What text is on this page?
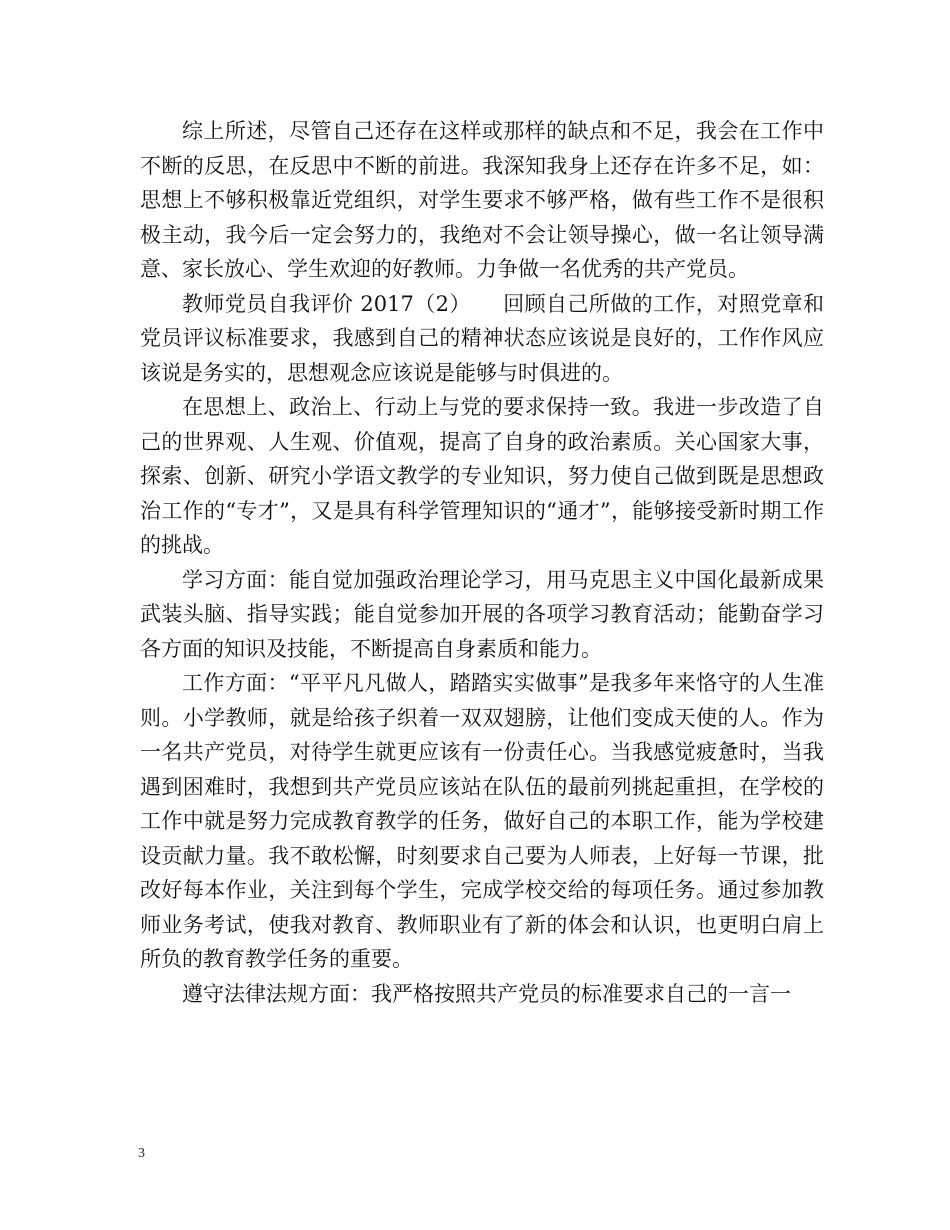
综上所述，尽管自己还存在这样或那样的缺点和不足，我会在工作中不断的反思，在反思中不断的前进。我深知我身上还存在许多不足，如：思想上不够积极靠近党组织，对学生要求不够严格，做有些工作不是很积极主动，我今后一定会努力的，我绝对不会让领导操心，做一名让领导满意、家长放心、学生欢迎的好教师。力争做一名优秀的共产党员。

教师党员自我评价 2017（2）　　回顾自己所做的工作，对照党章和党员评议标准要求，我感到自己的精神状态应该说是良好的，工作作风应该说是务实的，思想观念应该说是能够与时俱进的。

在思想上、政治上、行动上与党的要求保持一致。我进一步改造了自己的世界观、人生观、价值观，提高了自身的政治素质。关心国家大事，探索、创新、研究小学语文教学的专业知识，努力使自己做到既是思想政治工作的“专才”，又是具有科学管理知识的“通才”，能够接受新时期工作的挑战。

学习方面：能自觉加强政治理论学习，用马克思主义中国化最新成果武装头脑、指导实践；能自觉参加开展的各项学习教育活动；能勤奋学习各方面的知识及技能，不断提高自身素质和能力。

工作方面：“平平凡凡做人，踏踏实实做事”是我多年来恪守的人生准则。小学教师，就是给孩子织着一双双翅膀，让他们变成天使的人。作为一名共产党员，对待学生就更应该有一份责任心。当我感觉疲惫时，当我遇到困难时，我想到共产党员应该站在队伍的最前列挑起重担，在学校的工作中就是努力完成教育教学的任务，做好自己的本职工作，能为学校建设贡献力量。我不敢松懈，时刻要求自己要为人师表，上好每一节课，批改好每本作业，关注到每个学生，完成学校交给的每项任务。通过参加教师业务考试，使我对教育、教师职业有了新的体会和认识，也更明白肩上所负的教育教学任务的重要。

遵守法律法规方面：我严格按照共产党员的标准要求自己的一言一

3
